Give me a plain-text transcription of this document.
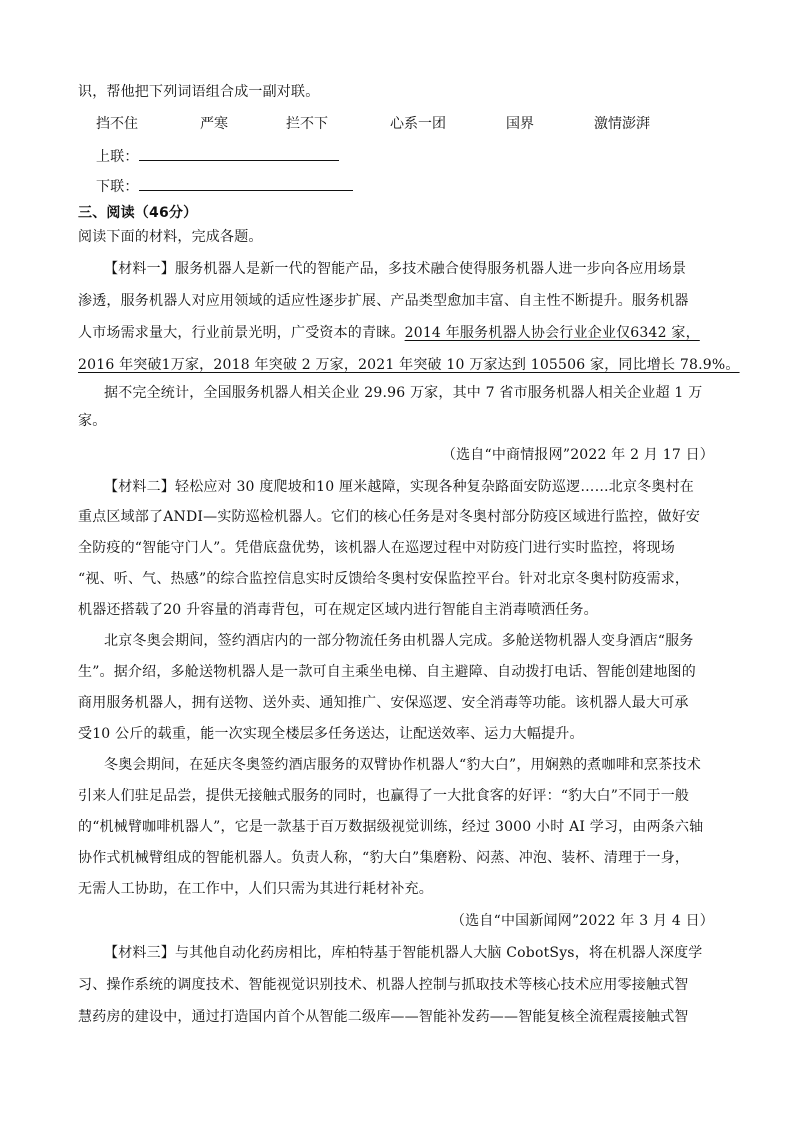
识，帮他把下列词语组合成一副对联。
挡不住	严寒	拦不下	心系一团	国界	激情澎湃
上联：
下联：
三、阅读（46分）
阅读下面的材料，完成各题。
【材料一】服务机器人是新一代的智能产品，多技术融合使得服务机器人进一步向各应用场景
渗透，服务机器人对应用领域的适应性逐步扩展、产品类型愈加丰富、自主性不断提升。服务机器
人市场需求量大，行业前景光明，广受资本的青睐。2014 年服务机器人协会行业企业仅6342 家，
2016 年突破1万家，2018 年突破 2 万家，2021 年突破 10 万家达到 105506 家，同比增长 78.9%。
据不完全统计，全国服务机器人相关企业 29.96 万家，其中 7 省市服务机器人相关企业超 1 万
家。
（选自“中商情报网”2022 年 2 月 17 日）
【材料二】轻松应对 30 度爬坡和10 厘米越障，实现各种复杂路面安防巡逻……北京冬奥村在
重点区域部了ANDI—实防巡检机器人。它们的核心任务是对冬奥村部分防疫区域进行监控，做好安
全防疫的“智能守门人”。凭借底盘优势，该机器人在巡逻过程中对防疫门进行实时监控，将现场
“视、听、气、热感”的综合监控信息实时反馈给冬奥村安保监控平台。针对北京冬奥村防疫需求，
机器还搭载了20 升容量的消毒背包，可在规定区域内进行智能自主消毒喷洒任务。
北京冬奥会期间，签约酒店内的一部分物流任务由机器人完成。多舱送物机器人变身酒店“服务
生”。据介绍，多舱送物机器人是一款可自主乘坐电梯、自主避障、自动拨打电话、智能创建地图的
商用服务机器人，拥有送物、送外卖、通知推广、安保巡逻、安全消毒等功能。该机器人最大可承
受10 公斤的载重，能一次实现全楼层多任务送达，让配送效率、运力大幅提升。
冬奥会期间，在延庆冬奥签约酒店服务的双臂协作机器人“豹大白”，用娴熟的煮咖啡和烹茶技术
引来人们驻足品尝，提供无接触式服务的同时，也赢得了一大批食客的好评：“豹大白”不同于一般
的“机械臂咖啡机器人”，它是一款基于百万数据级视觉训练，经过 3000 小时 AI 学习，由两条六轴
协作式机械臂组成的智能机器人。负责人称，“豹大白”集磨粉、闷蒸、冲泡、装杯、清理于一身，
无需人工协助，在工作中，人们只需为其进行耗材补充。
（选自“中国新闻网”2022 年 3 月 4 日）
【材料三】与其他自动化药房相比，库柏特基于智能机器人大脑 CobotSys，将在机器人深度学
习、操作系统的调度技术、智能视觉识别技术、机器人控制与抓取技术等核心技术应用零接触式智
慧药房的建设中，通过打造国内首个从智能二级库——智能补发药——智能复核全流程震接触式智
